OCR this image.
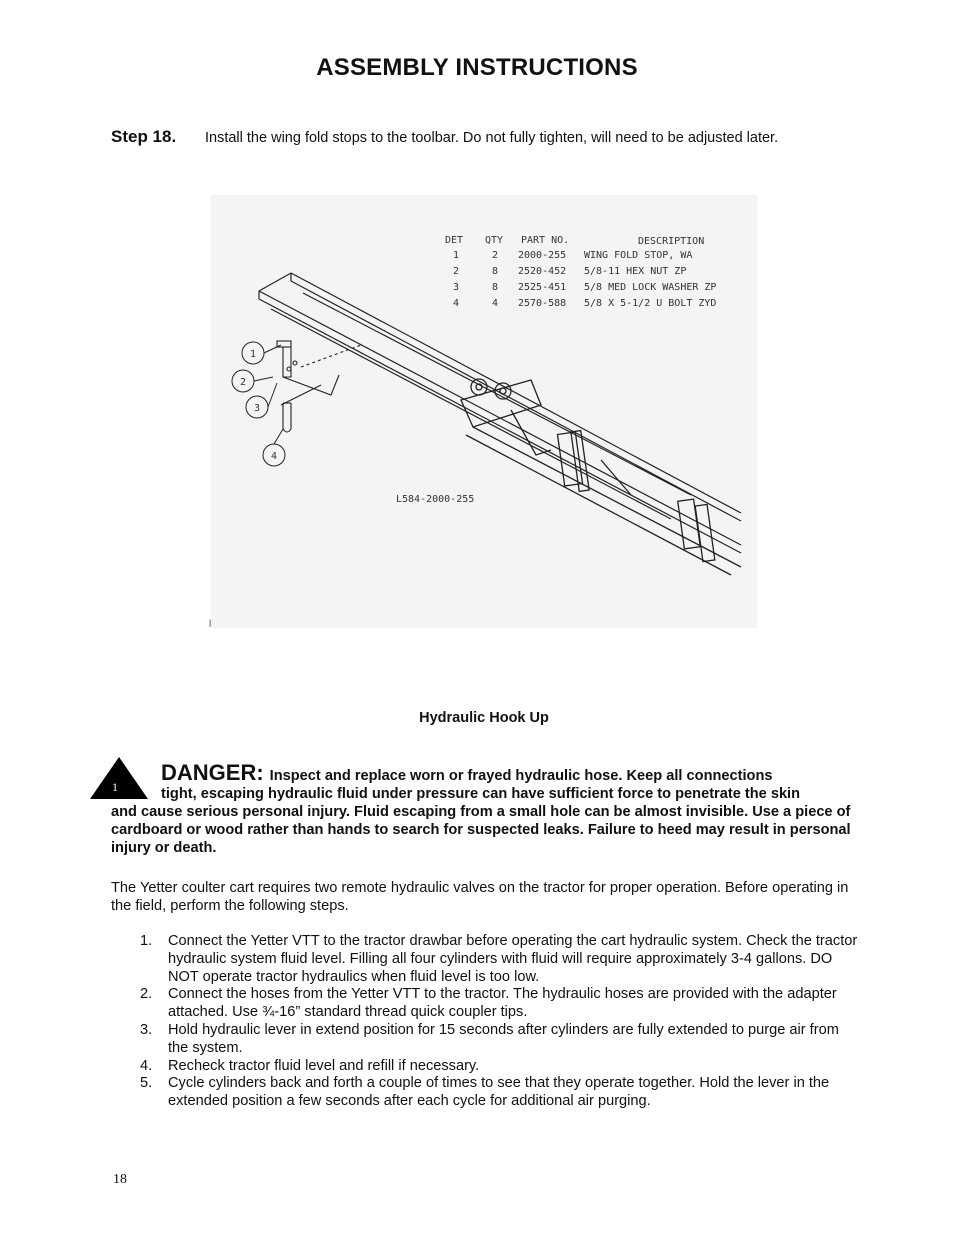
ASSEMBLY INSTRUCTIONS
Step 18. Install the wing fold stops to the toolbar. Do not fully tighten, will need to be adjusted later.
DET QTY PART NO.	DESCRIPTION
1	2 2000-255 WING FOLD STOP, WA
2	8 2520-452 5/8-11 HEX NUT ZP
3	8 2525-451 5/8 MED LOCK WASHER ZP
4	4 2570-588 5/8 X 5-1/2 U BOLT ZYD
1
2
3
4
L584-2000-255
l
Hydraulic Hook Up
1
DANGER: Inspect and replace worn or frayed hydraulic hose. Keep all connections
tight, escaping hydraulic fluid under pressure can have sufficient force to penetrate the skin
and cause serious personal injury. Fluid escaping from a small hole can be almost invisible. Use a piece of cardboard or wood rather than hands to search for suspected leaks. Failure to heed may result in personal injury or death.
The Yetter coulter cart requires two remote hydraulic valves on the tractor for proper operation. Before operating in the field, perform the following steps.
1. Connect the Yetter VTT to the tractor drawbar before operating the cart hydraulic system. Check the tractor hydraulic system fluid level. Filling all four cylinders with fluid will require approximately 3-4 gallons. DO NOT operate tractor hydraulics when fluid level is too low.
2. Connect the hoses from the Yetter VTT to the tractor. The hydraulic hoses are provided with the adapter attached. Use ¾-16” standard thread quick coupler tips.
3. Hold hydraulic lever in extend position for 15 seconds after cylinders are fully extended to purge air from the system.
4. Recheck tractor fluid level and refill if necessary.
5. Cycle cylinders back and forth a couple of times to see that they operate together. Hold the lever in the extended position a few seconds after each cycle for additional air purging.
18
